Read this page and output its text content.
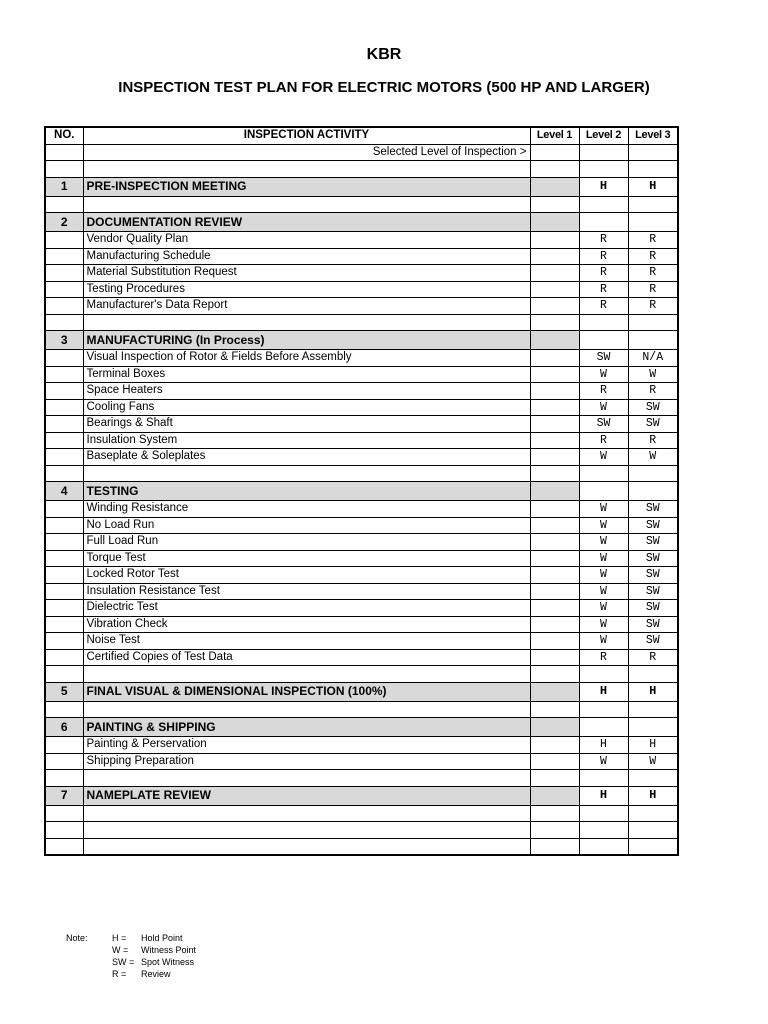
KBR
INSPECTION TEST PLAN FOR ELECTRIC MOTORS (500 HP AND LARGER)
NO.	INSPECTION ACTIVITY	Level 1	Level 2	Level 3
	Selected Level of Inspection >			

1	PRE-INSPECTION MEETING		H	H

2	DOCUMENTATION REVIEW			
	Vendor Quality Plan		R	R
	Manufacturing Schedule		R	R
	Material Substitution Request		R	R
	Testing Procedures		R	R
	Manufacturer's Data Report		R	R

3	MANUFACTURING (In Process)			
	Visual Inspection of Rotor & Fields Before Assembly		SW	N/A
	Terminal Boxes		W	W
	Space Heaters		R	R
	Cooling Fans		W	SW
	Bearings & Shaft		SW	SW
	Insulation System		R	R
	Baseplate & Soleplates		W	W

4	TESTING			
	Winding Resistance		W	SW
	No Load Run		W	SW
	Full Load Run		W	SW
	Torque Test		W	SW
	Locked Rotor Test		W	SW
	Insulation Resistance Test		W	SW
	Dielectric Test		W	SW
	Vibration Check		W	SW
	Noise Test		W	SW
	Certified Copies of Test Data		R	R

5	FINAL VISUAL & DIMENSIONAL INSPECTION (100%)		H	H

6	PAINTING & SHIPPING			
	Painting & Perservation		H	H
	Shipping Preparation		W	W

7	NAMEPLATE REVIEW		H	H

Note:	H = Hold Point
W = Witness Point
SW = Spot Witness
R = Review
